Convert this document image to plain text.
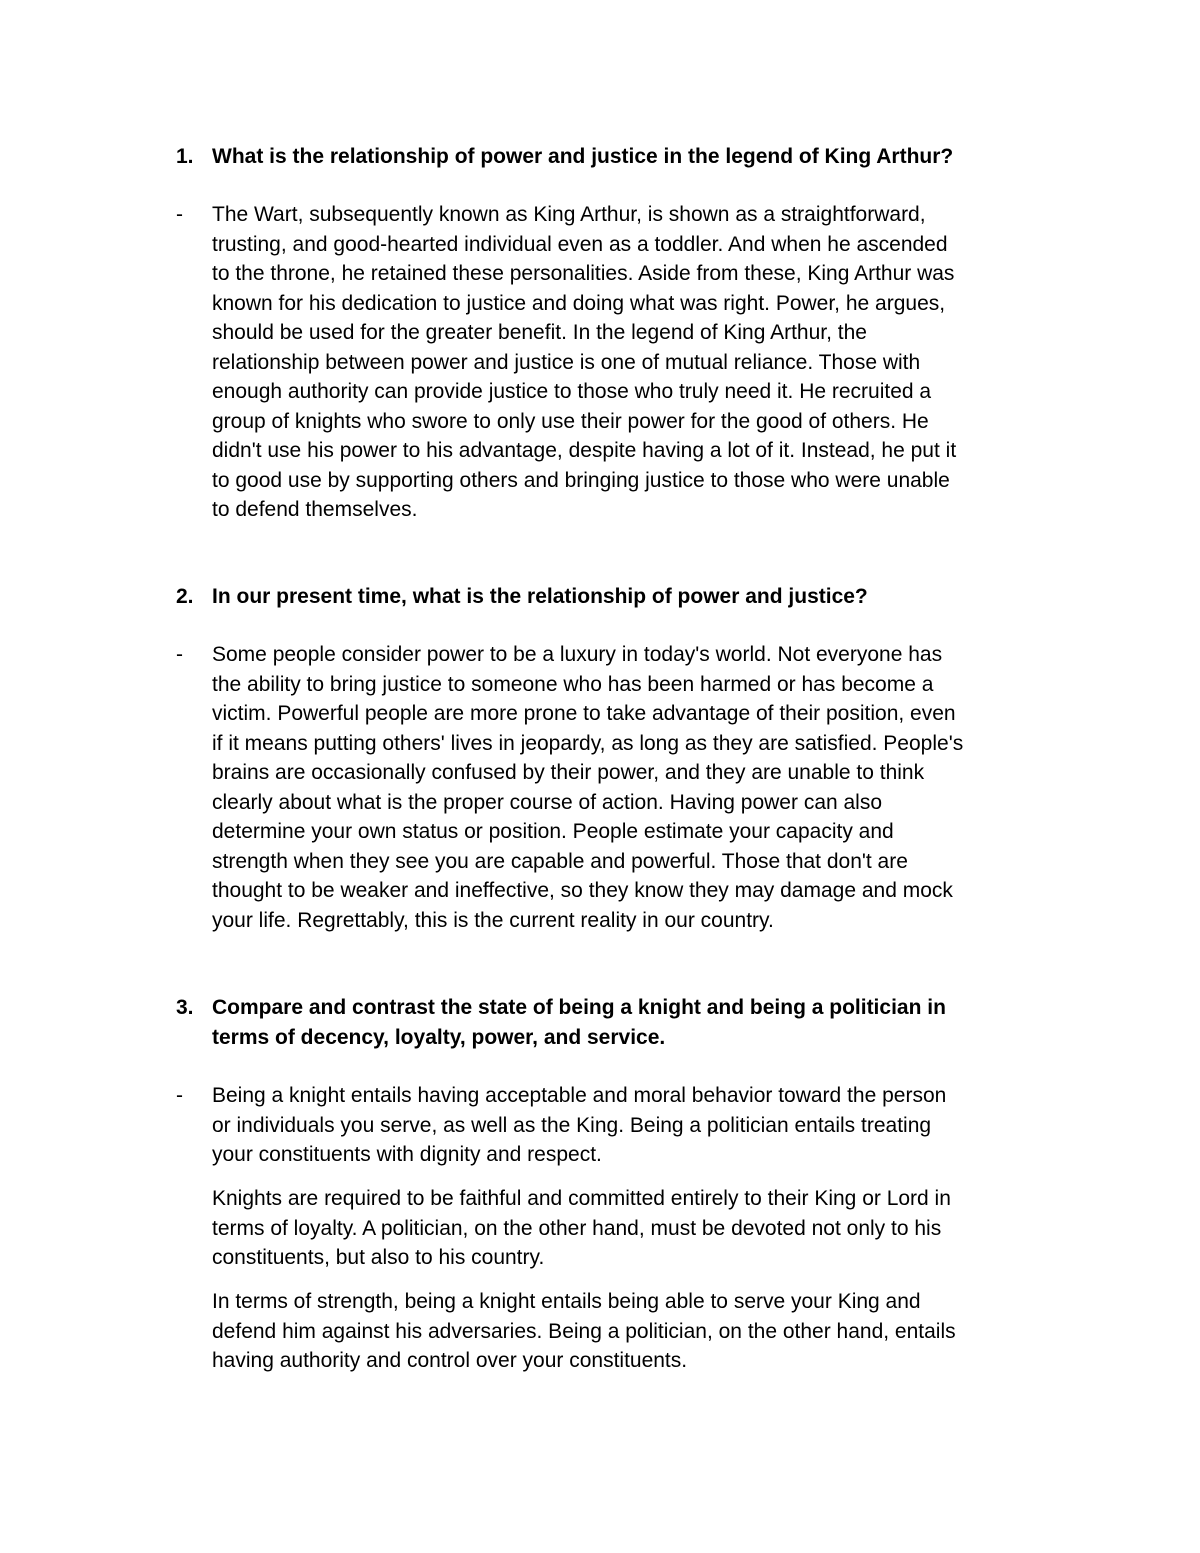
1. What is the relationship of power and justice in the legend of King Arthur?
- The Wart, subsequently known as King Arthur, is shown as a straightforward,
trusting, and good-hearted individual even as a toddler. And when he ascended
to the throne, he retained these personalities. Aside from these, King Arthur was
known for his dedication to justice and doing what was right. Power, he argues,
should be used for the greater benefit. In the legend of King Arthur, the
relationship between power and justice is one of mutual reliance. Those with
enough authority can provide justice to those who truly need it. He recruited a
group of knights who swore to only use their power for the good of others. He
didn't use his power to his advantage, despite having a lot of it. Instead, he put it
to good use by supporting others and bringing justice to those who were unable
to defend themselves.
2. In our present time, what is the relationship of power and justice?
- Some people consider power to be a luxury in today's world. Not everyone has
the ability to bring justice to someone who has been harmed or has become a
victim. Powerful people are more prone to take advantage of their position, even
if it means putting others' lives in jeopardy, as long as they are satisfied. People's
brains are occasionally confused by their power, and they are unable to think
clearly about what is the proper course of action. Having power can also
determine your own status or position. People estimate your capacity and
strength when they see you are capable and powerful. Those that don't are
thought to be weaker and ineffective, so they know they may damage and mock
your life. Regrettably, this is the current reality in our country.
3. Compare and contrast the state of being a knight and being a politician in
terms of decency, loyalty, power, and service.
- Being a knight entails having acceptable and moral behavior toward the person
or individuals you serve, as well as the King. Being a politician entails treating
your constituents with dignity and respect.
Knights are required to be faithful and committed entirely to their King or Lord in
terms of loyalty. A politician, on the other hand, must be devoted not only to his
constituents, but also to his country.
In terms of strength, being a knight entails being able to serve your King and
defend him against his adversaries. Being a politician, on the other hand, entails
having authority and control over your constituents.
